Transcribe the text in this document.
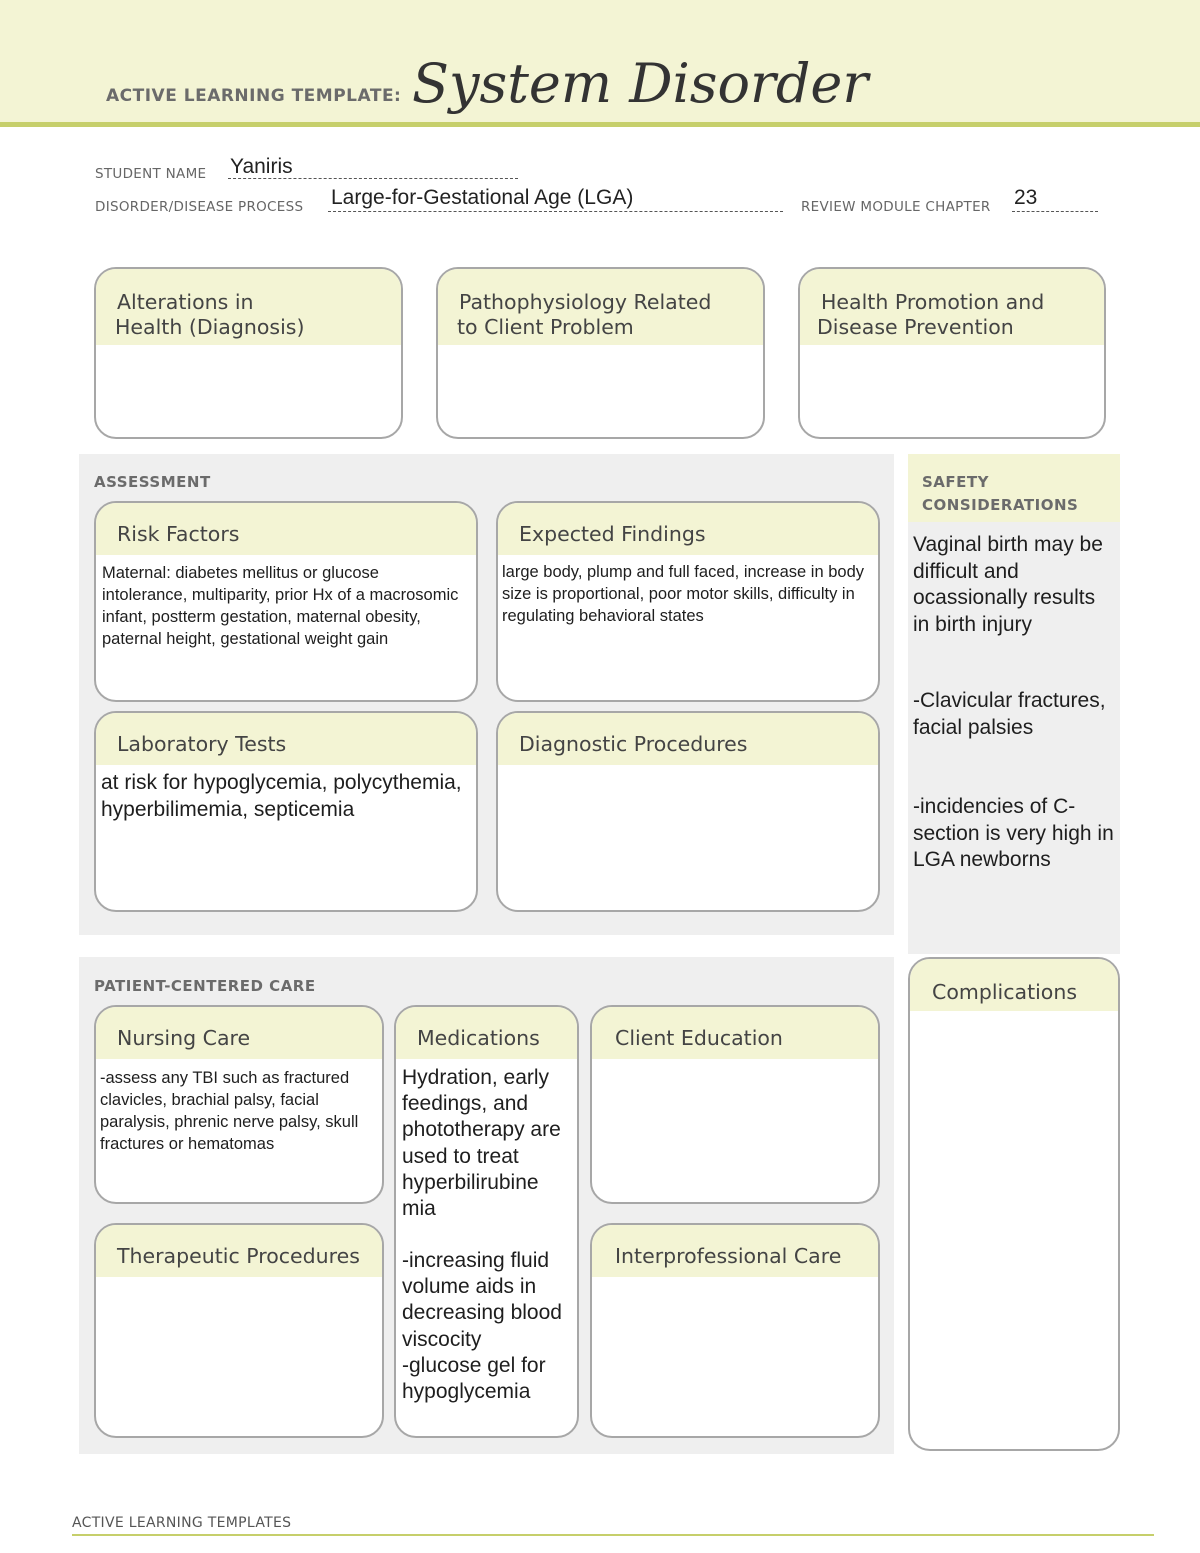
ACTIVE LEARNING TEMPLATE: System Disorder
STUDENT NAME Yaniris
DISORDER/DISEASE PROCESS Large-for-Gestational Age (LGA)	REVIEW MODULE CHAPTER 23
Alterations in
Health (Diagnosis)
Pathophysiology Related
to Client Problem
Health Promotion and
Disease Prevention
ASSESSMENT
Risk Factors
Maternal: diabetes mellitus or glucose intolerance, multiparity, prior Hx of a macrosomic infant, postterm gestation, maternal obesity, paternal height, gestational weight gain
Expected Findings
large body, plump and full faced, increase in body size is proportional, poor motor skills, difficulty in regulating behavioral states
Laboratory Tests
at risk for hypoglycemia, polycythemia, hyperbilimemia, septicemia
Diagnostic Procedures
SAFETY
CONSIDERATIONS
Vaginal birth may be difficult and ocassionally results in birth injury
-Clavicular fractures, facial palsies
-incidencies of C-section is very high in LGA newborns
PATIENT-CENTERED CARE
Nursing Care
-assess any TBI such as fractured clavicles, brachial palsy, facial paralysis, phrenic nerve palsy, skull fractures or hematomas
Medications
Hydration, early feedings, and phototherapy are used to treat hyperbilirubine mia
-increasing fluid volume aids in decreasing blood viscocity
-glucose gel for hypoglycemia
Client Education
Therapeutic Procedures	Interprofessional Care
Complications
ACTIVE LEARNING TEMPLATES
